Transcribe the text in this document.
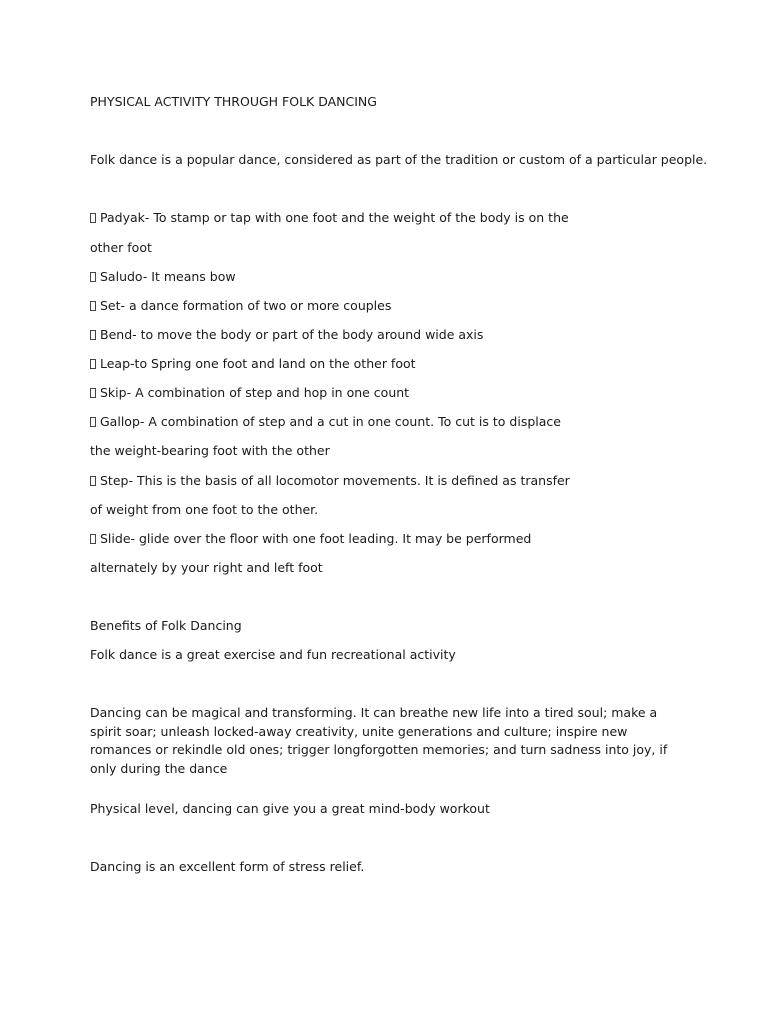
PHYSICAL ACTIVITY THROUGH FOLK DANCING
Folk dance is a popular dance, considered as part of the tradition or custom of a particular people.
Padyak- To stamp or tap with one foot and the weight of the body is on the
other foot
Saludo- It means bow
Set- a dance formation of two or more couples
Bend- to move the body or part of the body around wide axis
Leap-to Spring one foot and land on the other foot
Skip- A combination of step and hop in one count
Gallop- A combination of step and a cut in one count. To cut is to displace
the weight-bearing foot with the other
Step- This is the basis of all locomotor movements. It is defined as transfer
of weight from one foot to the other.
Slide- glide over the floor with one foot leading. It may be performed
alternately by your right and left foot
Benefits of Folk Dancing
Folk dance is a great exercise and fun recreational activity
Dancing can be magical and transforming. It can breathe new life into a tired soul; make a spirit soar; unleash locked-away creativity, unite generations and culture; inspire new romances or rekindle old ones; trigger longforgotten memories; and turn sadness into joy, if only during the dance
Physical level, dancing can give you a great mind-body workout
Dancing is an excellent form of stress relief.
